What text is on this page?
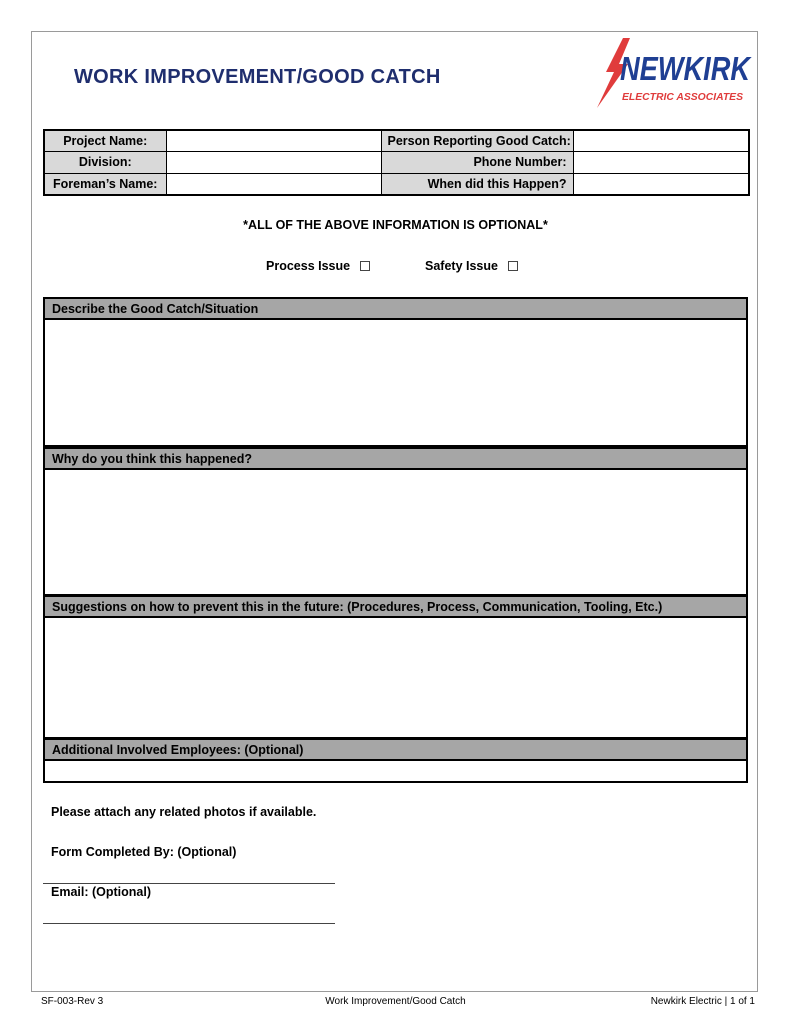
WORK IMPROVEMENT/GOOD CATCH	NEWKIRK
ELECTRIC ASSOCIATES
Project Name:		Person Reporting Good Catch:	
Division:		Phone Number:	
Foreman’s Name:		When did this Happen?	
*ALL OF THE ABOVE INFORMATION IS OPTIONAL*
Process Issue	Safety Issue
Describe the Good Catch/Situation
Why do you think this happened?
Suggestions on how to prevent this in the future: (Procedures, Process, Communication, Tooling, Etc.)
Additional Involved Employees: (Optional)
Please attach any related photos if available.
Form Completed By: (Optional)
Email: (Optional)
SF-003-Rev 3	Work Improvement/Good Catch	Newkirk Electric | 1 of 1
